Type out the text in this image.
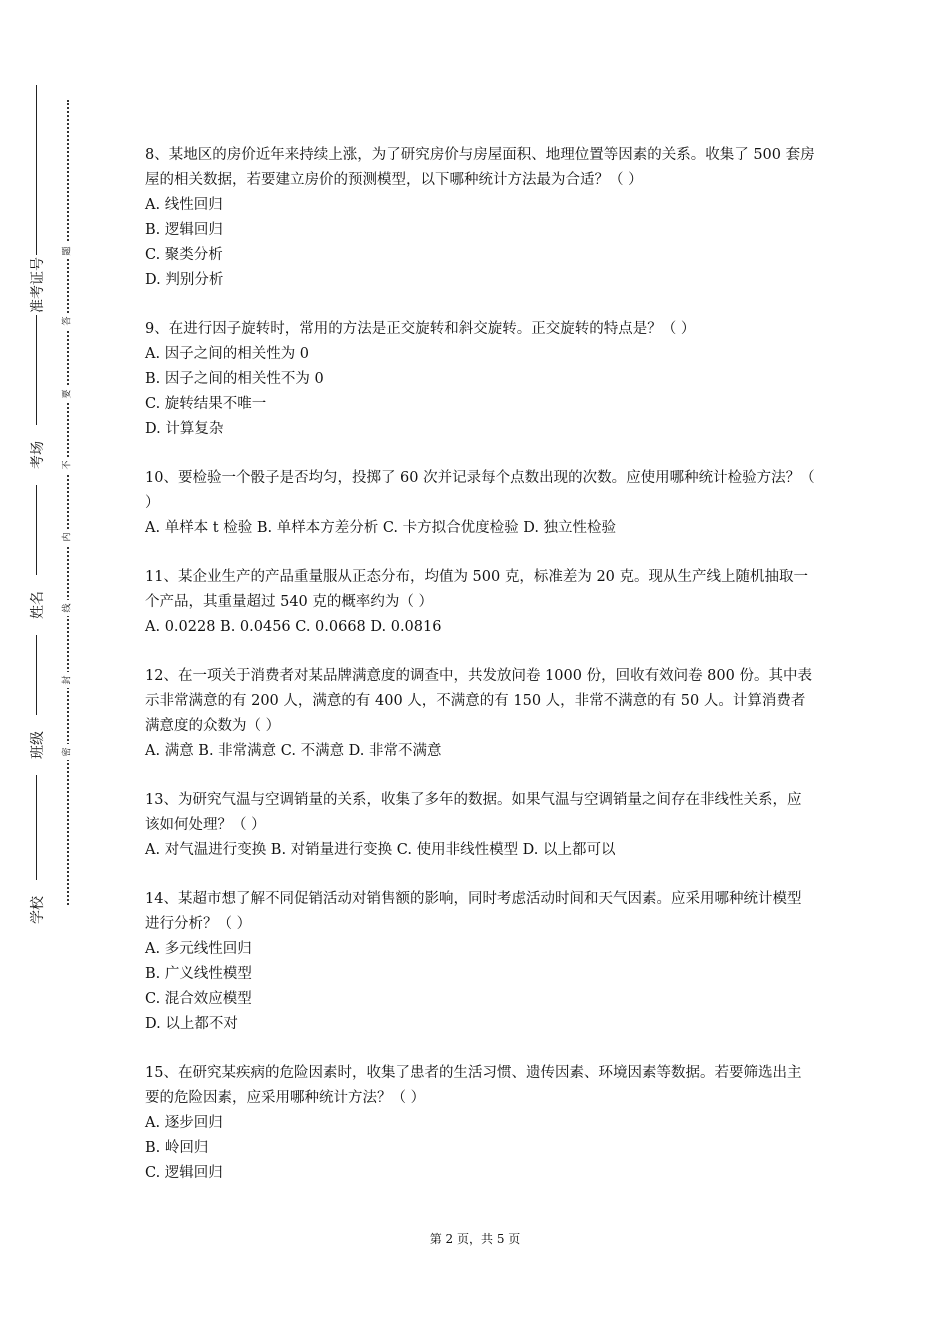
准考证号
考场
姓名
班级
学校
题
答
要
不
内
线
封
密

8、某地区的房价近年来持续上涨，为了研究房价与房屋面积、地理位置等因素的关系。收集了 500 套房屋的相关数据，若要建立房价的预测模型，以下哪种统计方法最为合适？（ ）

A. 线性回归

B. 逻辑回归

C. 聚类分析

D. 判别分析

9、在进行因子旋转时，常用的方法是正交旋转和斜交旋转。正交旋转的特点是？（ ）

A. 因子之间的相关性为 0

B. 因子之间的相关性不为 0

C. 旋转结果不唯一

D. 计算复杂

10、要检验一个骰子是否均匀，投掷了 60 次并记录每个点数出现的次数。应使用哪种统计检验方法？（ ）

A. 单样本 t 检验 B. 单样本方差分析 C. 卡方拟合优度检验 D. 独立性检验

11、某企业生产的产品重量服从正态分布，均值为 500 克，标准差为 20 克。现从生产线上随机抽取一个产品，其重量超过 540 克的概率约为（ ）

A. 0.0228 B. 0.0456 C. 0.0668 D. 0.0816

12、在一项关于消费者对某品牌满意度的调查中，共发放问卷 1000 份，回收有效问卷 800 份。其中表示非常满意的有 200 人，满意的有 400 人，不满意的有 150 人，非常不满意的有 50 人。计算消费者满意度的众数为（ ）

A. 满意 B. 非常满意 C. 不满意 D. 非常不满意

13、为研究气温与空调销量的关系，收集了多年的数据。如果气温与空调销量之间存在非线性关系，应该如何处理？（ ）

A. 对气温进行变换 B. 对销量进行变换 C. 使用非线性模型 D. 以上都可以

14、某超市想了解不同促销活动对销售额的影响，同时考虑活动时间和天气因素。应采用哪种统计模型进行分析？（ ）

A. 多元线性回归

B. 广义线性模型

C. 混合效应模型

D. 以上都不对

15、在研究某疾病的危险因素时，收集了患者的生活习惯、遗传因素、环境因素等数据。若要筛选出主要的危险因素，应采用哪种统计方法？（ ）

A. 逐步回归

B. 岭回归

C. 逻辑回归

第 2 页，共 5 页
